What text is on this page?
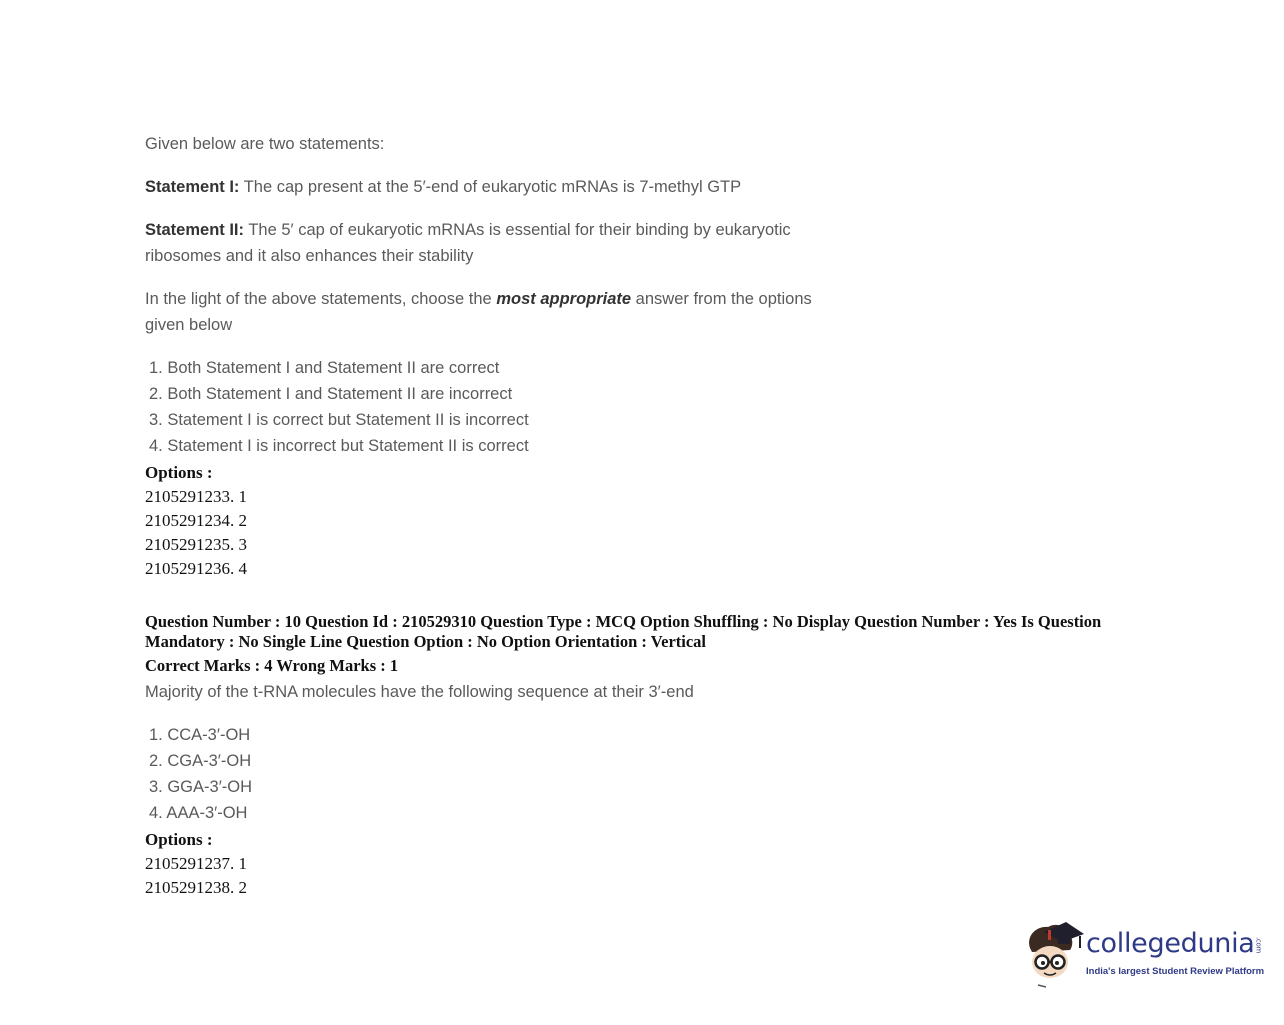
Given below are two statements:
Statement I: The cap present at the 5′-end of eukaryotic mRNAs is 7-methyl GTP
Statement II: The 5′ cap of eukaryotic mRNAs is essential for their binding by eukaryotic
ribosomes and it also enhances their stability
In the light of the above statements, choose the most appropriate answer from the options
given below
1. Both Statement I and Statement II are correct
2. Both Statement I and Statement II are incorrect
3. Statement I is correct but Statement II is incorrect
4. Statement I is incorrect but Statement II is correct
Options :
2105291233. 1
2105291234. 2
2105291235. 3
2105291236. 4
Question Number : 10 Question Id : 210529310 Question Type : MCQ Option Shuffling : No Display Question Number : Yes Is Question
Mandatory : No Single Line Question Option : No Option Orientation : Vertical
Correct Marks : 4 Wrong Marks : 1
Majority of the t-RNA molecules have the following sequence at their 3′-end
1. CCA-3′-OH
2. CGA-3′-OH
3. GGA-3′-OH
4. AAA-3′-OH
Options :
2105291237. 1
2105291238. 2
collegedunia.com
India's largest Student Review Platform
